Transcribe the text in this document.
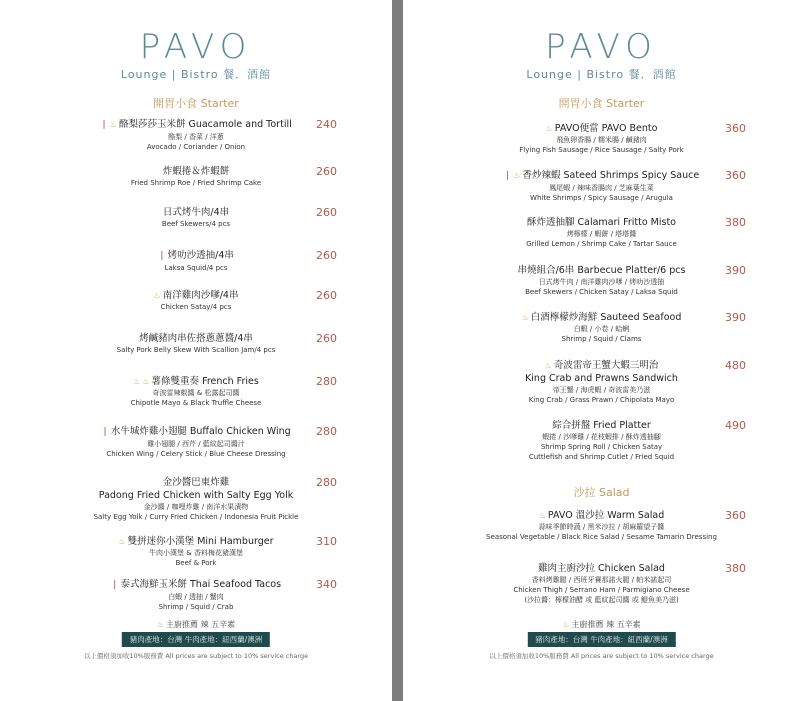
PAVO
Lounge | Bistro 餐．酒館
開胃小食 Starter
❘ ♨ 酪梨莎莎玉米餅 Guacamole and Tortill
酪梨 / 香菜 / 洋蔥
Avocado / Coriander / Onion
240
炸蝦捲＆炸蝦餅
Fried Shrimp Roe / Fried Shrimp Cake
260
日式烤牛肉/4串
Beef Skewers/4 pcs
260
❘ 烤叻沙透抽/4串
Laksa Squid/4 pcs
260
♨ 南洋雞肉沙嗲/4串
Chicken Satay/4 pcs
260
烤鹹豬肉串佐搭蔥蔥醬/4串
Salty Pork Belly Skew With Scallion Jam/4 pcs
260
♨ ♨ 薯條雙重奏 French Fries
奇波雷辣椒醬 & 松露起司醬
Chipotle Mayo & Black Truffle Cheese
280
❘ 水牛城炸雞小翅腿 Buffalo Chicken Wing
雞小翅腿 / 西芹 / 藍紋起司醬汁
Chicken Wing / Celery Stick / Blue Cheese Dressing
280
金沙醬巴東炸雞
Padong Fried Chicken with Salty Egg Yolk
金沙醬 / 咖哩炸雞 / 南洋水果漬物
Salty Egg Yolk / Curry Fried Chicken / Indonesia Fruit Pickle
280
♨ 雙拼迷你小漢堡 Mini Hamburger
牛肉小漢堡 & 香料梅花豬漢堡
Beef & Pork
310
❘ 泰式海鮮玉米餅 Thai Seafood Tacos
白蝦 / 透抽 / 蟹肉
Shrimp / Squid / Crab
340
♨ 主廚推薦 辣 五辛素
豬肉產地：台灣 牛肉產地：紐西蘭/澳洲
以上價格須加收10%服務費 All prices are subject to 10% service charge
PAVO
Lounge | Bistro 餐．酒館
開胃小食 Starter
♨ PAVO便當 PAVO Bento
飛魚卵香腸 / 糯米腸 / 鹹豬肉
Flying Fish Sausage / Rice Sausage / Salty Pork
360
❘ ♨ 香炒辣蝦 Sateed Shrimps Spicy Sauce
鳳尾蝦 / 辣味香腸肉 / 芝麻葉生菜
White Shrimps / Spicy Sausage / Arugula
360
酥炸透抽腳 Calamari Fritto Misto
烤檸檬 / 蝦餅 / 塔塔醬
Grilled Lemon / Shrimp Cake / Tartar Sauce
380
串燒組合/6串 Barbecue Platter/6 pcs
日式烤牛肉 / 南洋雞肉沙嗲 / 烤叻沙透抽
Beef Skewers / Chicken Satay / Laksa Squid
390
♨ 白酒檸檬炒海鮮 Sauteed Seafood
白蝦 / 小卷 / 蛤蜊
Shrimp / Squid / Clams
390
♨ 奇波雷帝王蟹大蝦三明治
King Crab and Prawns Sandwich
帝王蟹 / 海虎蝦 / 奇波雷美乃滋
King Crab / Grass Prawn / Chipolata Mayo
480
綜合拼盤 Fried Platter
蝦捲 / 沙嗲雞 / 花枝蝦排 / 酥炸透抽腳
Shrimp Spring Roll / Chicken Satay
Cuttlefish and Shrimp Cutlet / Fried Squid
490
沙拉 Salad
♨ PAVO 溫沙拉 Warm Salad
蒜味季節時蔬 / 黑米沙拉 / 胡麻羅望子醬
Seasonal Vegetable / Black Rice Salad / Sesame Tamarin Dressing
360
雞肉主廚沙拉 Chicken Salad
香料烤雞腿 / 西班牙賽那諾火腿 / 帕米諾起司
Chicken Thigh / Serrano Ham / Parmigiano Cheese
(沙拉醬：檸檬油醋 或 藍紋起司醬 或 鯷魚美乃滋)
380
♨ 主廚推薦 辣 五辛素
豬肉產地：台灣 牛肉產地：紐西蘭/澳洲
以上價格須加收10%服務費 All prices are subject to 10% service charge
